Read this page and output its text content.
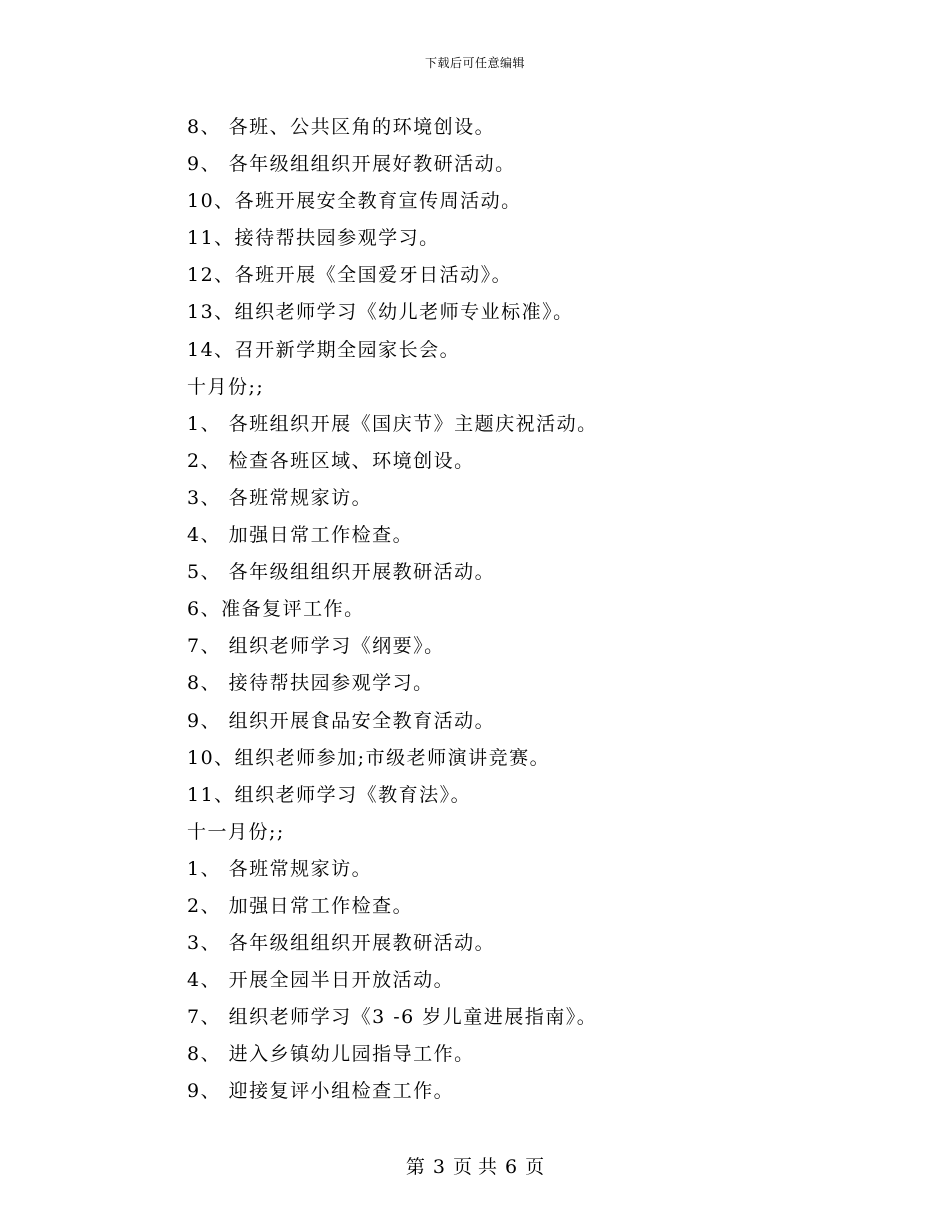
下载后可任意编辑
8、 各班、公共区角的环境创设。
9、 各年级组组织开展好教研活动。
10、各班开展安全教育宣传周活动。
11、接待帮扶园参观学习。
12、各班开展《全国爱牙日活动》。
13、组织老师学习《幼儿老师专业标准》。
14、召开新学期全园家长会。
十月份;;
1、 各班组织开展《国庆节》主题庆祝活动。
2、 检查各班区域、环境创设。
3、 各班常规家访。
4、 加强日常工作检查。
5、 各年级组组织开展教研活动。
6、准备复评工作。
7、 组织老师学习《纲要》。
8、 接待帮扶园参观学习。
9、 组织开展食品安全教育活动。
10、组织老师参加;市级老师演讲竞赛。
11、组织老师学习《教育法》。
十一月份;;
1、 各班常规家访。
2、 加强日常工作检查。
3、 各年级组组织开展教研活动。
4、 开展全园半日开放活动。
7、 组织老师学习《3 -6 岁儿童进展指南》。
8、 进入乡镇幼儿园指导工作。
9、 迎接复评小组检查工作。
第 3 页 共 6 页
